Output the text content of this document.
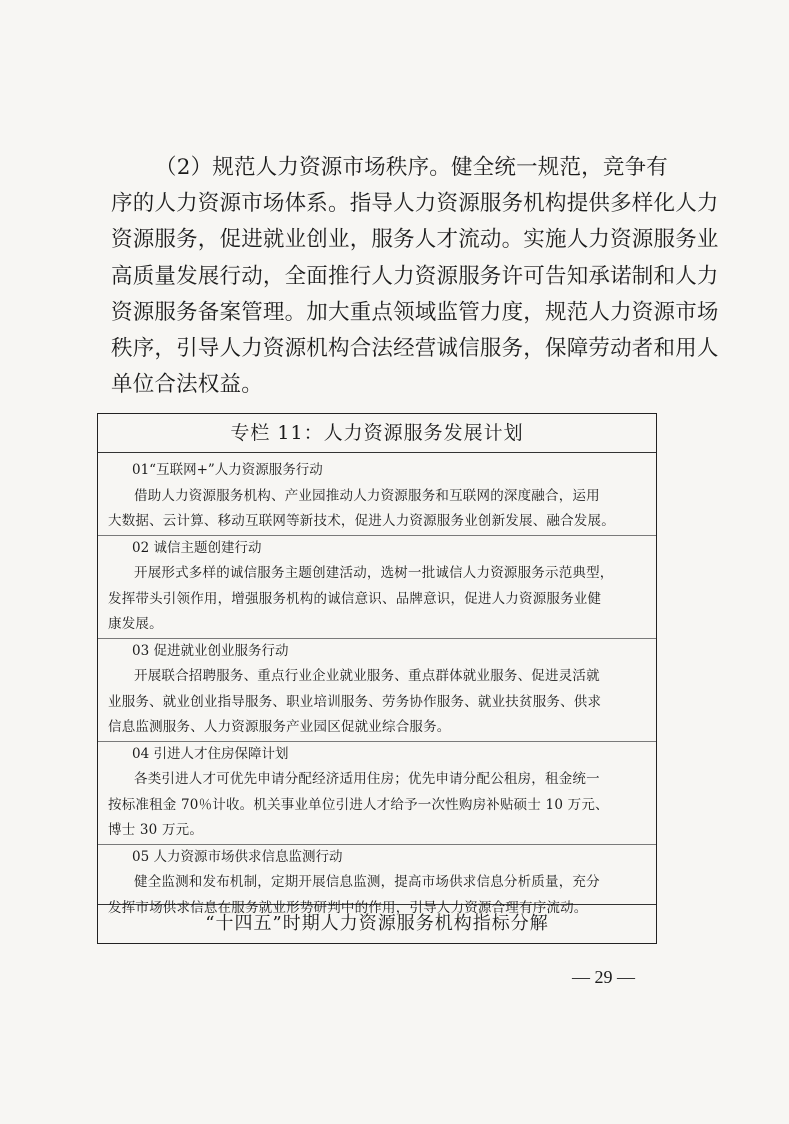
（2）规范人力资源市场秩序。健全统一规范，竞争有
序的人力资源市场体系。指导人力资源服务机构提供多样化人力
资源服务，促进就业创业，服务人才流动。实施人力资源服务业
高质量发展行动，全面推行人力资源服务许可告知承诺制和人力
资源服务备案管理。加大重点领域监管力度，规范人力资源市场
秩序，引导人力资源机构合法经营诚信服务，保障劳动者和用人
单位合法权益。
专栏 11：人力资源服务发展计划
01“互联网+”人力资源服务行动
借助人力资源服务机构、产业园推动人力资源服务和互联网的深度融合，运用
大数据、云计算、移动互联网等新技术，促进人力资源服务业创新发展、融合发展。
02 诚信主题创建行动
开展形式多样的诚信服务主题创建活动，选树一批诚信人力资源服务示范典型，
发挥带头引领作用，增强服务机构的诚信意识、品牌意识，促进人力资源服务业健
康发展。
03 促进就业创业服务行动
开展联合招聘服务、重点行业企业就业服务、重点群体就业服务、促进灵活就
业服务、就业创业指导服务、职业培训服务、劳务协作服务、就业扶贫服务、供求
信息监测服务、人力资源服务产业园区促就业综合服务。
04 引进人才住房保障计划
各类引进人才可优先申请分配经济适用住房；优先申请分配公租房，租金统一
按标准租金 70％计收。机关事业单位引进人才给予一次性购房补贴硕士 10 万元、
博士 30 万元。
05 人力资源市场供求信息监测行动
健全监测和发布机制，定期开展信息监测，提高市场供求信息分析质量，充分
发挥市场供求信息在服务就业形势研判中的作用，引导人力资源合理有序流动。
“十四五”时期人力资源服务机构指标分解
— 29 —
